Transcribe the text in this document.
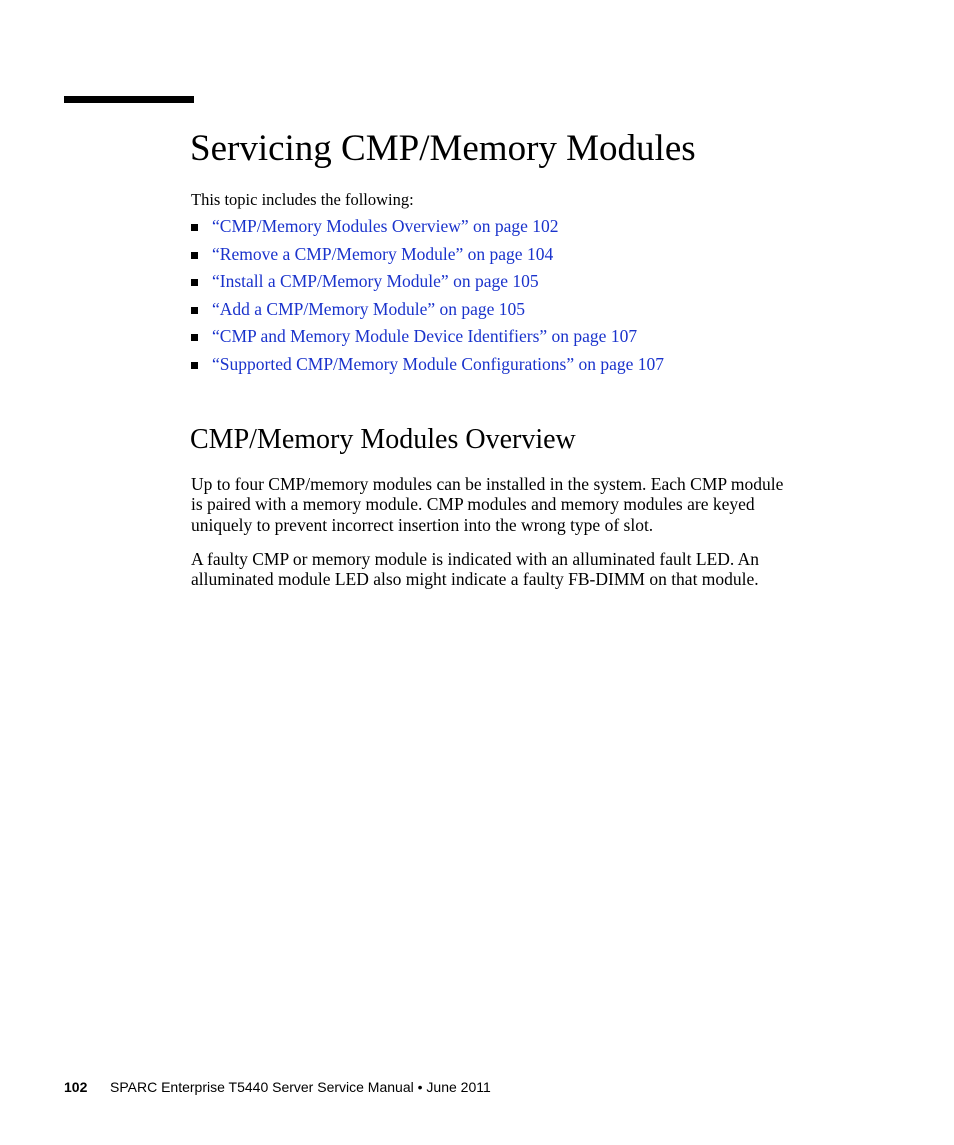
Servicing CMP/Memory Modules

This topic includes the following:

“CMP/Memory Modules Overview” on page 102
“Remove a CMP/Memory Module” on page 104
“Install a CMP/Memory Module” on page 105
“Add a CMP/Memory Module” on page 105
“CMP and Memory Module Device Identifiers” on page 107
“Supported CMP/Memory Module Configurations” on page 107
CMP/Memory Modules Overview

Up to four CMP/memory modules can be installed in the system. Each CMP module
is paired with a memory module. CMP modules and memory modules are keyed
uniquely to prevent incorrect insertion into the wrong type of slot.

A faulty CMP or memory module is indicated with an alluminated fault LED. An
alluminated module LED also might indicate a faulty FB-DIMM on that module.

102 SPARC Enterprise T5440 Server Service Manual • June 2011
